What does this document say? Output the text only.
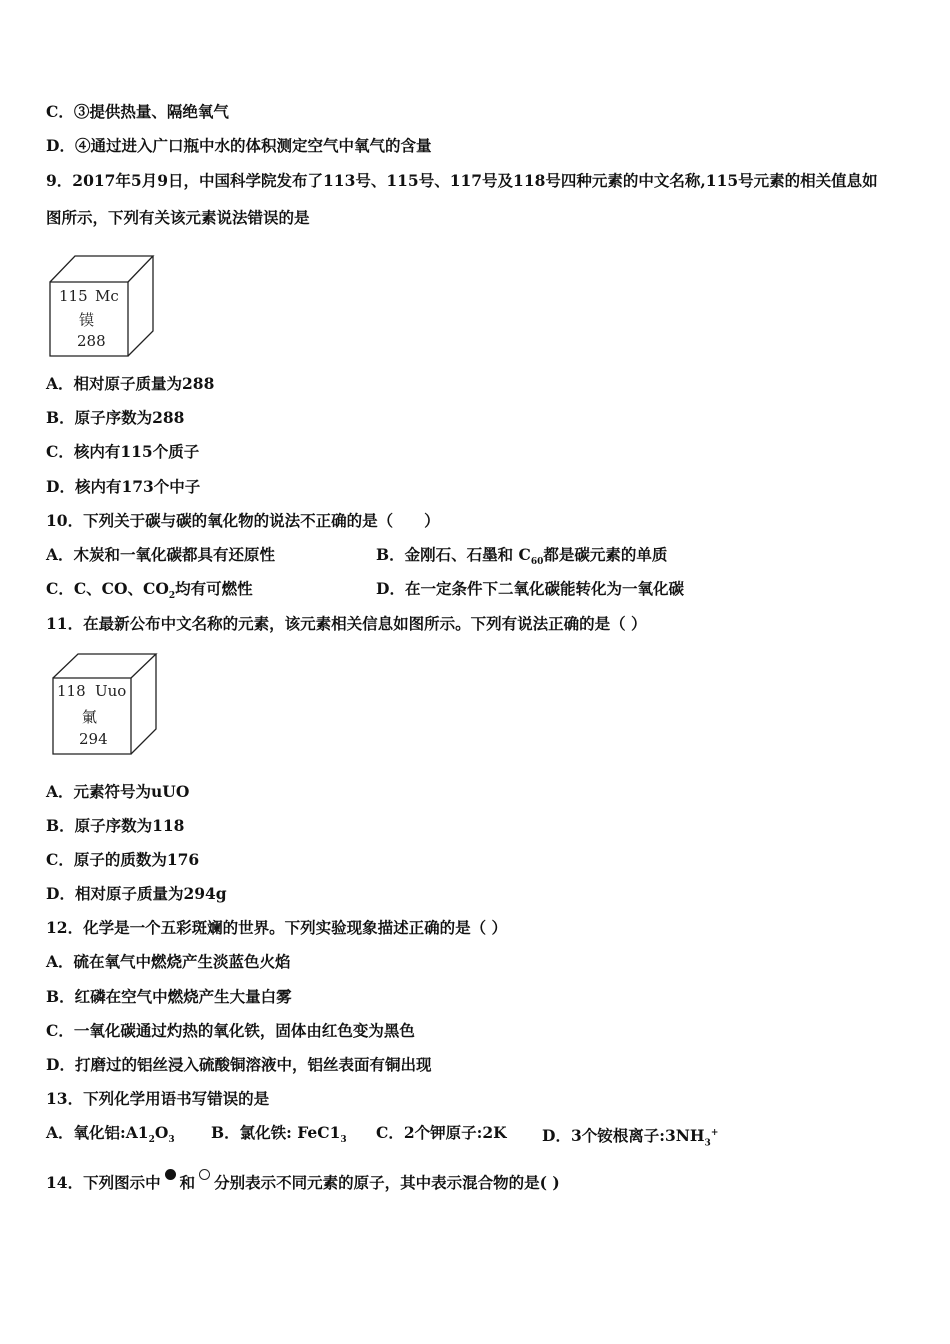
C．③提供热量、隔绝氧气
D．④通过进入广口瓶中水的体积测定空气中氧气的含量
9．2017年5月9日，中国科学院发布了113号、115号、117号及118号四种元素的中文名称,115号元素的相关值息如
图所示，下列有关该元素说法错误的是
115 Mc
镆
288
A．相对原子质量为288
B．原子序数为288
C．核内有115个质子
D．核内有173个中子
10．下列关于碳与碳的氧化物的说法不正确的是（　　）
A．木炭和一氧化碳都具有还原性	B．金刚石、石墨和 $C_{60}$都是碳元素的单质
C．C、CO、$CO_2$均有可燃性	D．在一定条件下二氧化碳能转化为一氧化碳
11．在最新公布中文名称的元素，该元素相关信息如图所示。下列有说法正确的是（ ）
118 Uuo
氭
294
A．元素符号为uUO
B．原子序数为118
C．原子的质数为176
D．相对原子质量为294g
12．化学是一个五彩斑斓的世界。下列实验现象描述正确的是（ ）
A．硫在氧气中燃烧产生淡蓝色火焰
B．红磷在空气中燃烧产生大量白雾
C．一氧化碳通过灼热的氧化铁，固体由红色变为黑色
D．打磨过的铝丝浸入硫酸铜溶液中，铝丝表面有铜出现
13．下列化学用语书写错误的是
A．氧化铝$:A1_2O_3$ B．氯化铁: $FeC1_3$ C．2个钾原子:2K D．3个铵根离子$:3NH_3^+$
14．下列图示中 和 分别表示不同元素的原子，其中表示混合物的是( )
